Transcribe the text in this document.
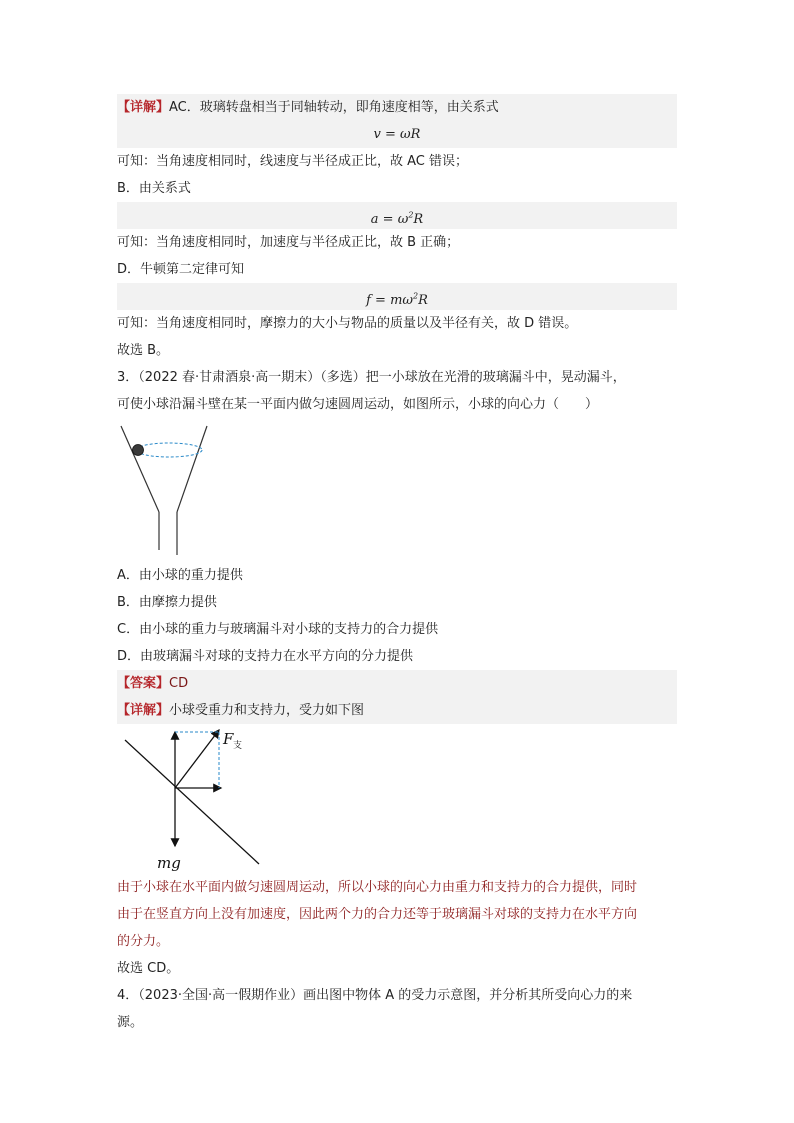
【详解】AC．玻璃转盘相当于同轴转动，即角速度相等，由关系式
v = ωR
可知：当角速度相同时，线速度与半径成正比，故 AC 错误；
B．由关系式
$a = \omega^2R$
可知：当角速度相同时，加速度与半径成正比，故 B 正确；
D．牛顿第二定律可知
$f = m\omega^2R$
可知：当角速度相同时，摩擦力的大小与物品的质量以及半径有关，故 D 错误。
故选 B。
3．（2022 春·甘肃酒泉·高一期末）（多选）把一小球放在光滑的玻璃漏斗中，晃动漏斗，
可使小球沿漏斗壁在某一平面内做匀速圆周运动，如图所示，小球的向心力（　　）
A．由小球的重力提供
B．由摩擦力提供
C．由小球的重力与玻璃漏斗对小球的支持力的合力提供
D．由玻璃漏斗对球的支持力在水平方向的分力提供
【答案】CD
【详解】小球受重力和支持力，受力如下图
F 支
mg
由于小球在水平面内做匀速圆周运动，所以小球的向心力由重力和支持力的合力提供，同时
由于在竖直方向上没有加速度，因此两个力的合力还等于玻璃漏斗对球的支持力在水平方向
的分力。
故选 CD。
4．（2023·全国·高一假期作业）画出图中物体 A 的受力示意图，并分析其所受向心力的来
源。
